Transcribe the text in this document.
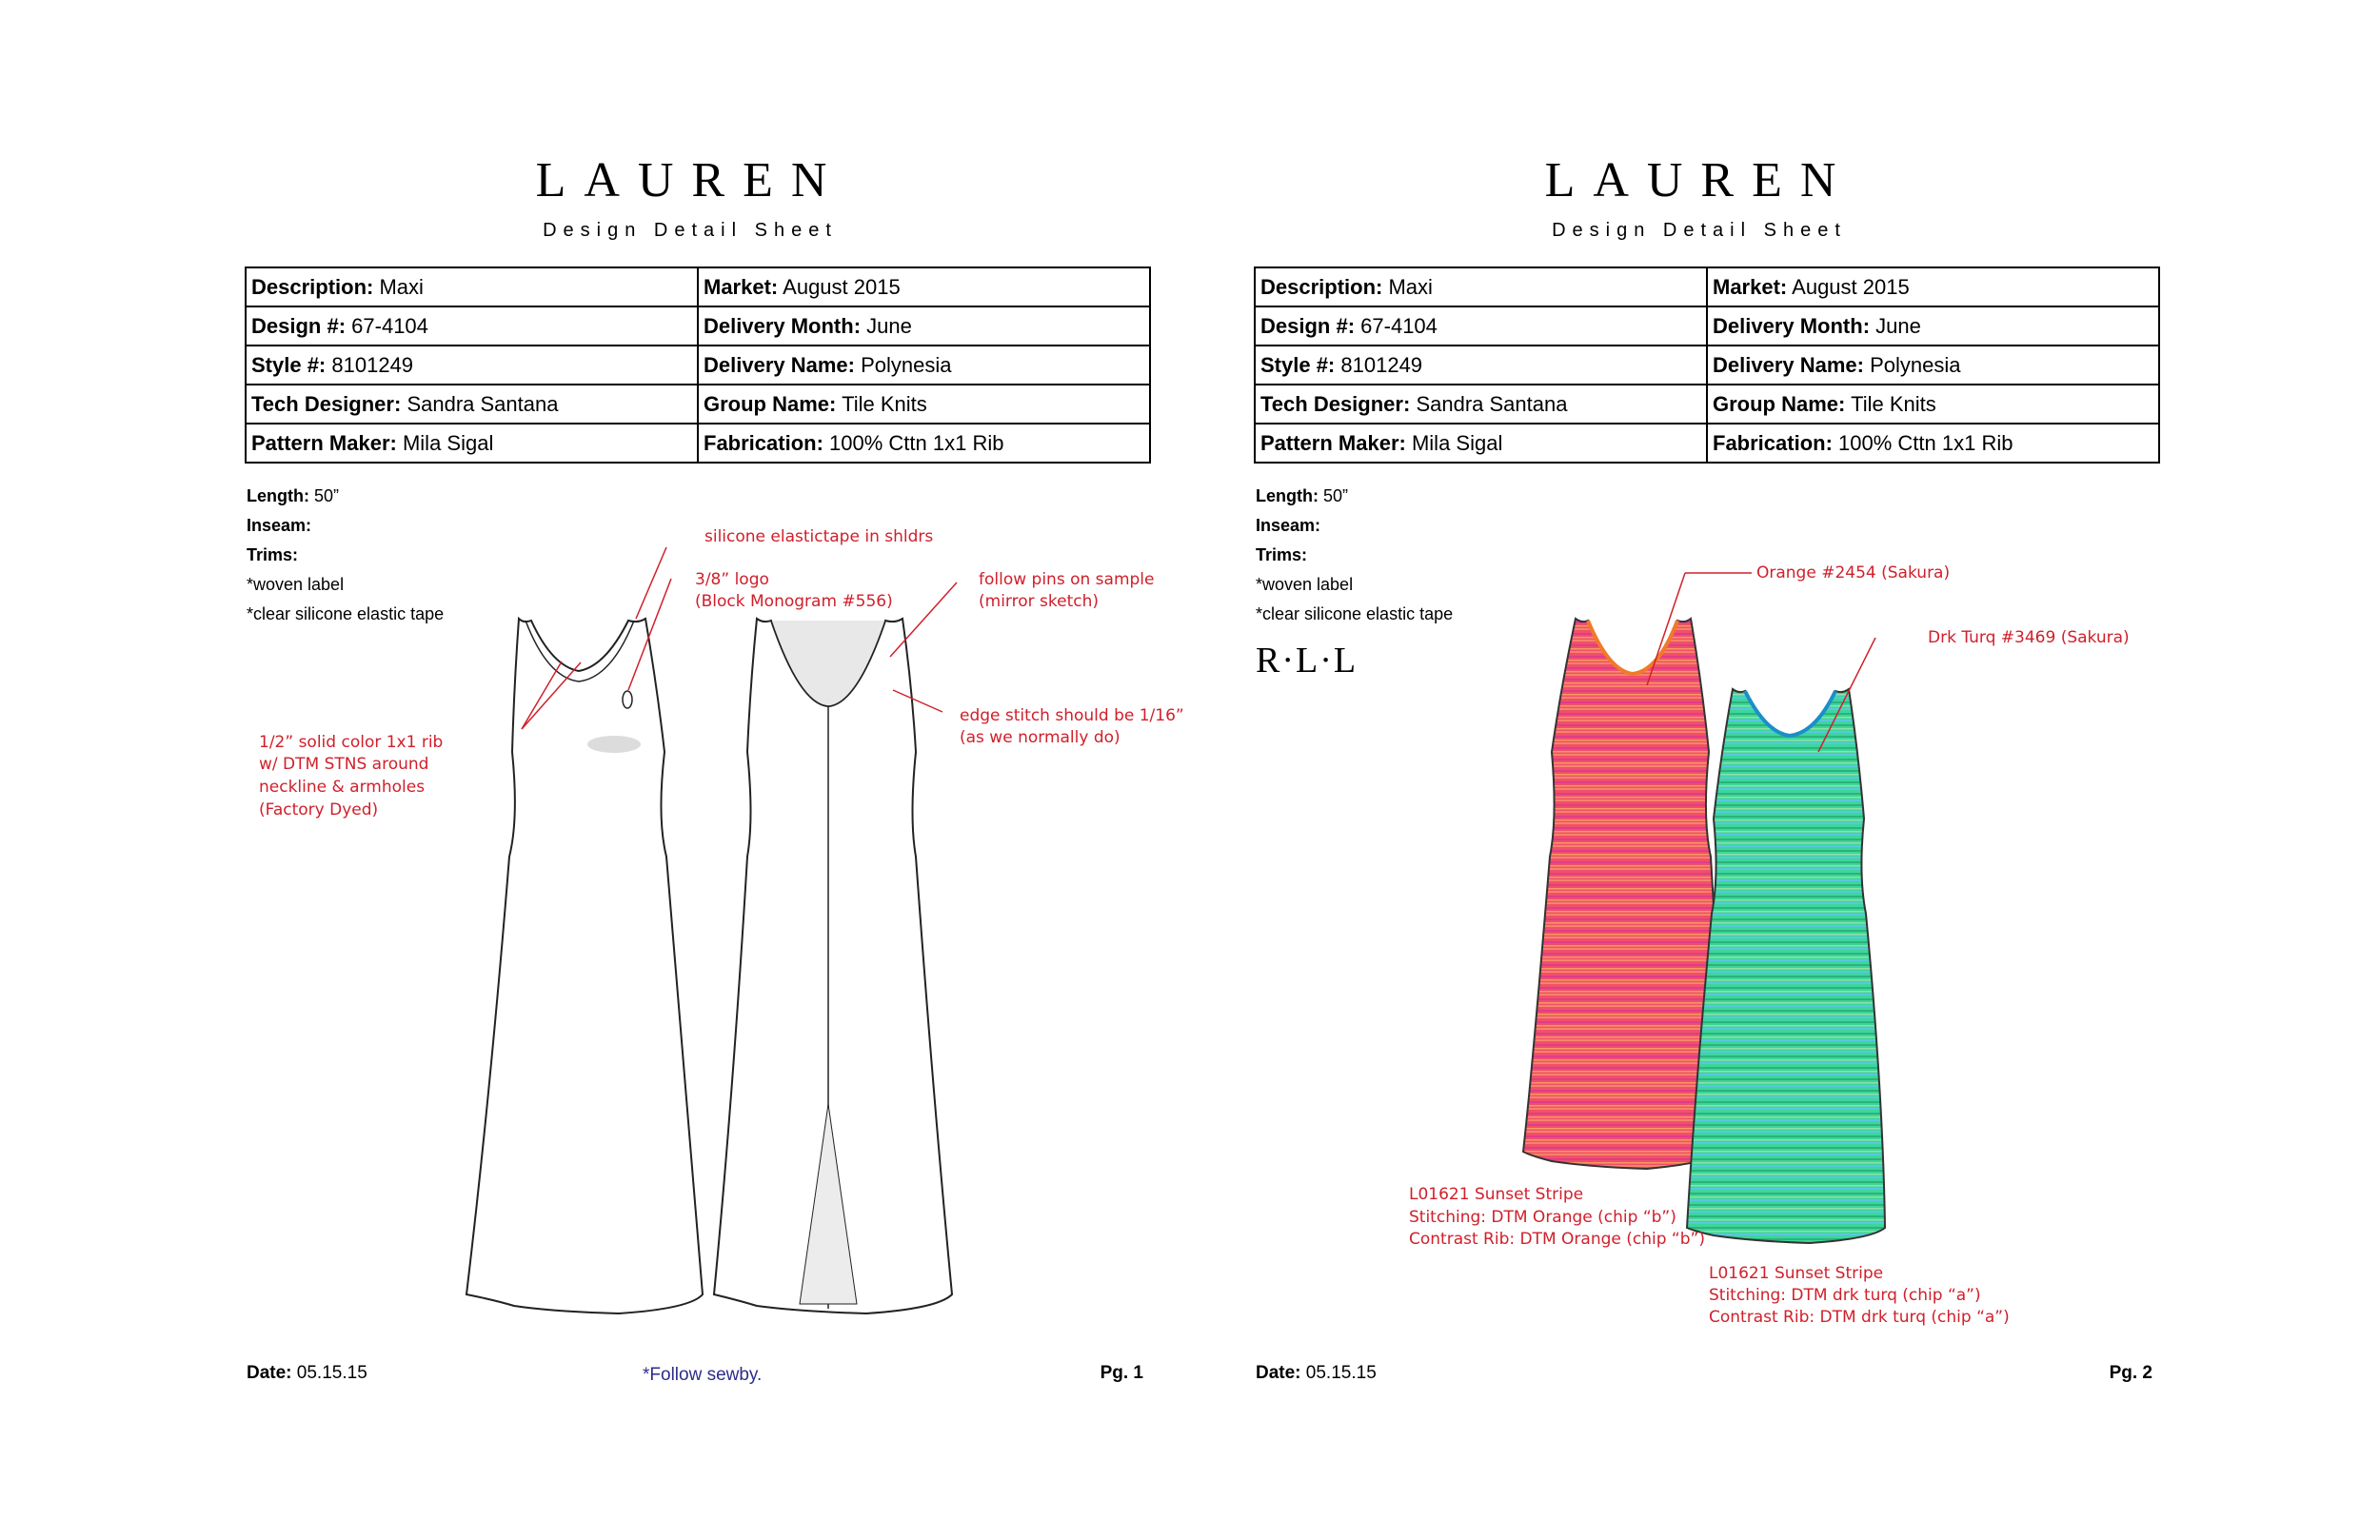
LAUREN
Design Detail Sheet
Description: Maxi	Market: August 2015
Design #: 67-4104	Delivery Month: June
Style #: 8101249	Delivery Name: Polynesia
Tech Designer: Sandra Santana	Group Name: Tile Knits
Pattern Maker: Mila Sigal	Fabrication: 100% Cttn 1x1 Rib
Length: 50”
Inseam:
Trims:
*woven label
*clear silicone elastic tape
silicone elastictape in shldrs
3/8” logo
(Block Monogram #556)
follow pins on sample
(mirror sketch)
edge stitch should be 1/16”
(as we normally do)
1/2” solid color 1x1 rib
w/ DTM STNS around
neckline & armholes
(Factory Dyed)
Date: 05.15.15	*Follow sewby.	Pg. 1
LAUREN
Design Detail Sheet
Description: Maxi	Market: August 2015
Design #: 67-4104	Delivery Month: June
Style #: 8101249	Delivery Name: Polynesia
Tech Designer: Sandra Santana	Group Name: Tile Knits
Pattern Maker: Mila Sigal	Fabrication: 100% Cttn 1x1 Rib
Length: 50”
Inseam:
Trims:
*woven label
*clear silicone elastic tape
R·L·L
Orange #2454 (Sakura)
Drk Turq #3469 (Sakura)
L01621 Sunset Stripe
Stitching: DTM Orange (chip “b”)
Contrast Rib: DTM Orange (chip “b”)
L01621 Sunset Stripe
Stitching: DTM drk turq (chip “a”)
Contrast Rib: DTM drk turq (chip “a”)
Date: 05.15.15	Pg. 2
